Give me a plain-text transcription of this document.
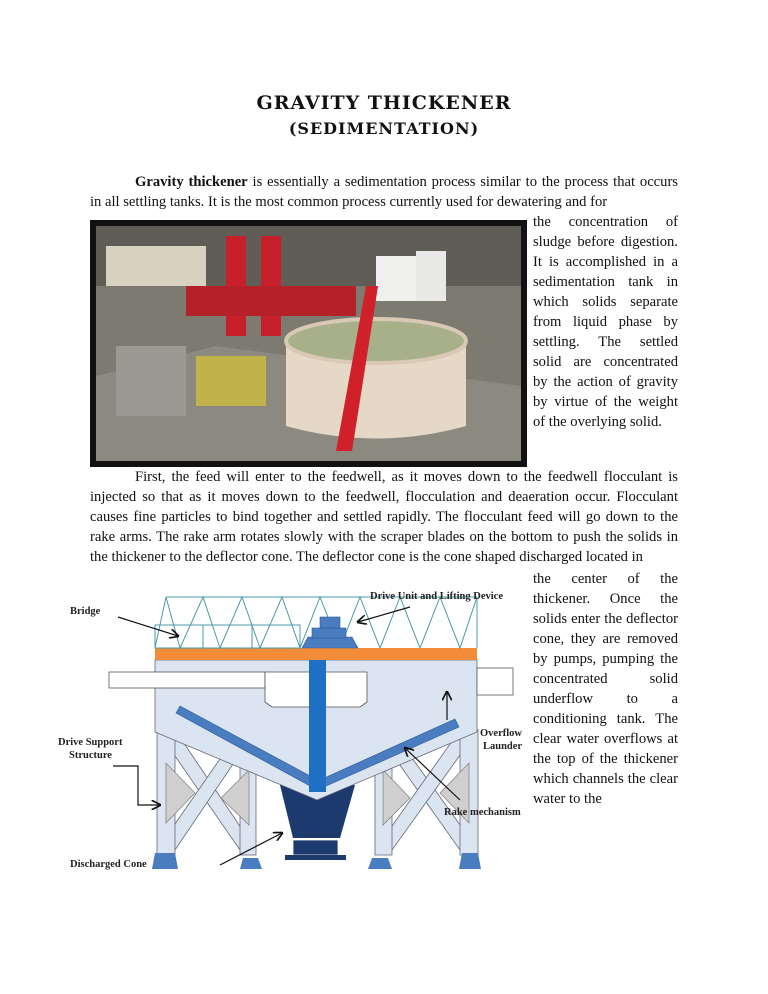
GRAVITY THICKENER
(SEDIMENTATION)

Gravity thickener is essentially a sedimentation process similar to the process that occurs in all settling tanks. It is the most common process currently used for dewatering and for

the concentration of sludge before digestion. It is accomplished in a sedimentation tank in which solids separate from liquid phase by settling. The settled solid are concentrated by the action of gravity by virtue of the weight of the overlying solid.

First, the feed will enter to the feedwell, as it moves down to the feedwell flocculant is injected so that as it moves down to the feedwell, flocculation and deaeration occur. Flocculant causes fine particles to bind together and settled rapidly. The flocculant feed will go down to the rake arms. The rake arm rotates slowly with the scraper blades on the bottom to push the solids in the thickener to the deflector cone. The deflector cone is the cone shaped discharged located in

the center of the thickener. Once the solids enter the deflector cone, they are removed by pumps, pumping the concentrated solid underflow to a conditioning tank. The clear water overflows at the top of the thickener which channels the clear water to the

Bridge
Drive Unit and Lifting Device
Drive Support
Structure
Overflow
Launder
Rake mechanism
Discharged Cone
